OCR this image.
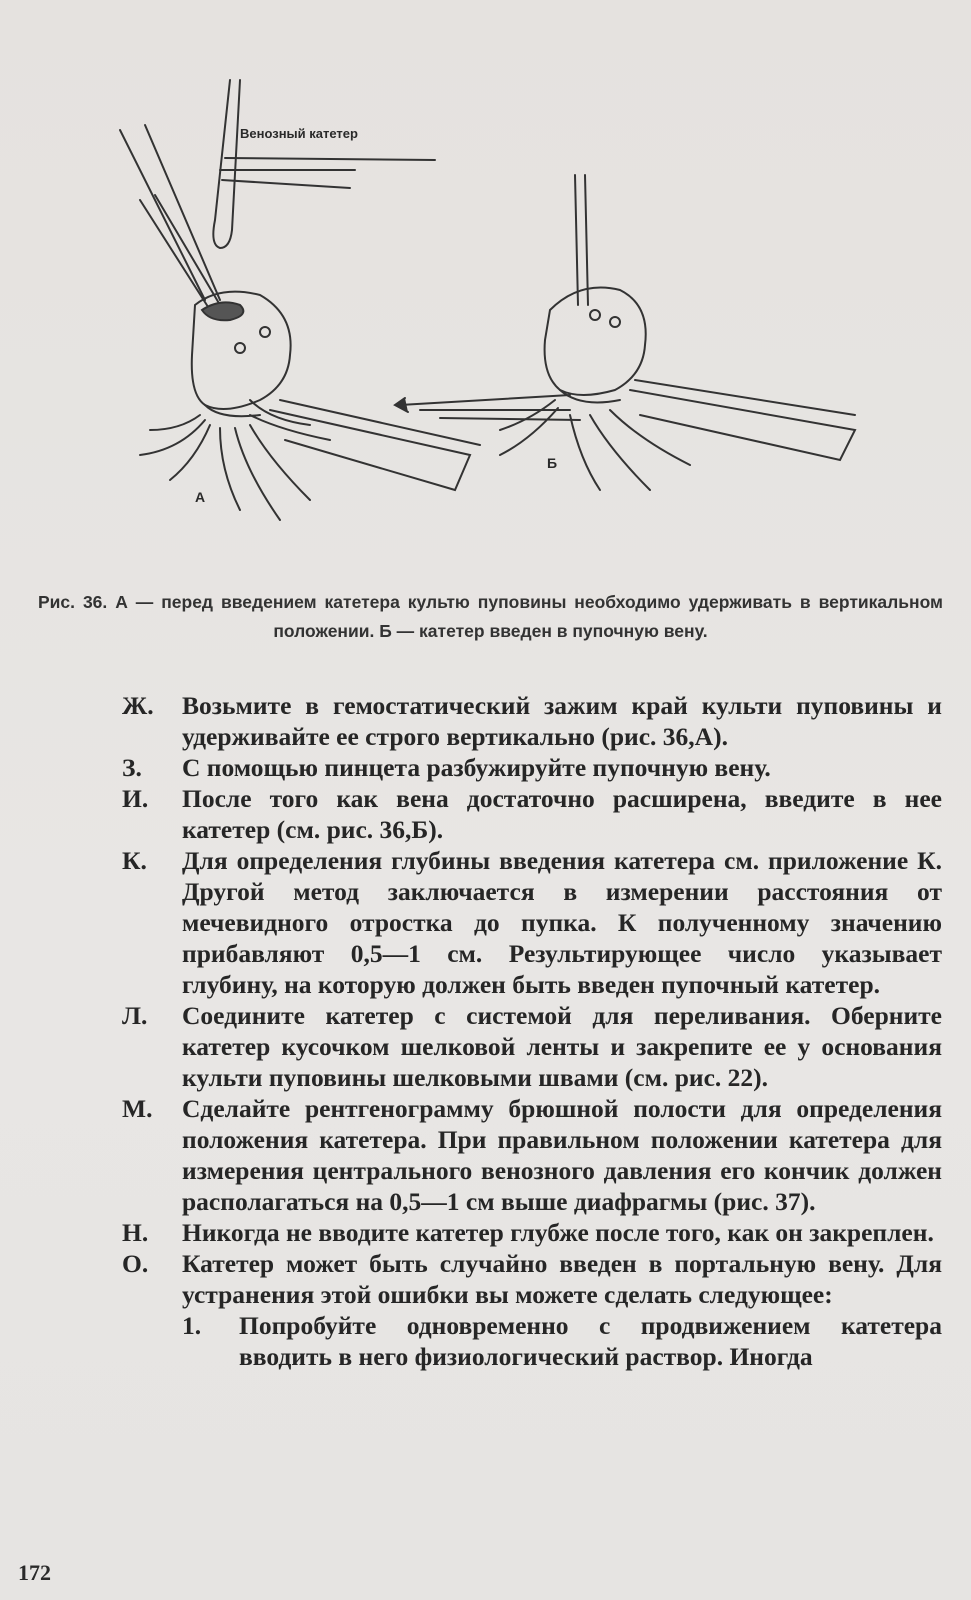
Венозный катетер
А
Б
Рис. 36. А — перед введением катетера культю пуповины необходимо удерживать в вертикальном положении. Б — катетер введен в пупочную вену.
Ж.	Возьмите в гемостатический зажим край культи пуповины и удерживайте ее строго вертикально (рис. 36,А).
З.	С помощью пинцета разбужируйте пупочную вену.
И.	После того как вена достаточно расширена, введите в нее катетер (см. рис. 36,Б).
К.	Для определения глубины введения катетера см. приложение К. Другой метод заключается в измерении расстояния от мечевидного отростка до пупка. К полученному значению прибавляют 0,5—1 см. Результирующее число указывает глубину, на которую должен быть введен пупочный катетер.
Л.	Соедините катетер с системой для переливания. Оберните катетер кусочком шелковой ленты и закрепите ее у основания культи пуповины шелковыми швами (см. рис. 22).
М.	Сделайте рентгенограмму брюшной полости для определения положения катетера. При правильном положении катетера для измерения центрального венозного давления его кончик должен располагаться на 0,5—1 см выше диафрагмы (рис. 37).
Н.	Никогда не вводите катетер глубже после того, как он закреплен.
О.	Катетер может быть случайно введен в портальную вену. Для устранения этой ошибки вы можете сделать следующее:
1.	Попробуйте одновременно с продвижением катетера вводить в него физиологический раствор. Иногда
172
